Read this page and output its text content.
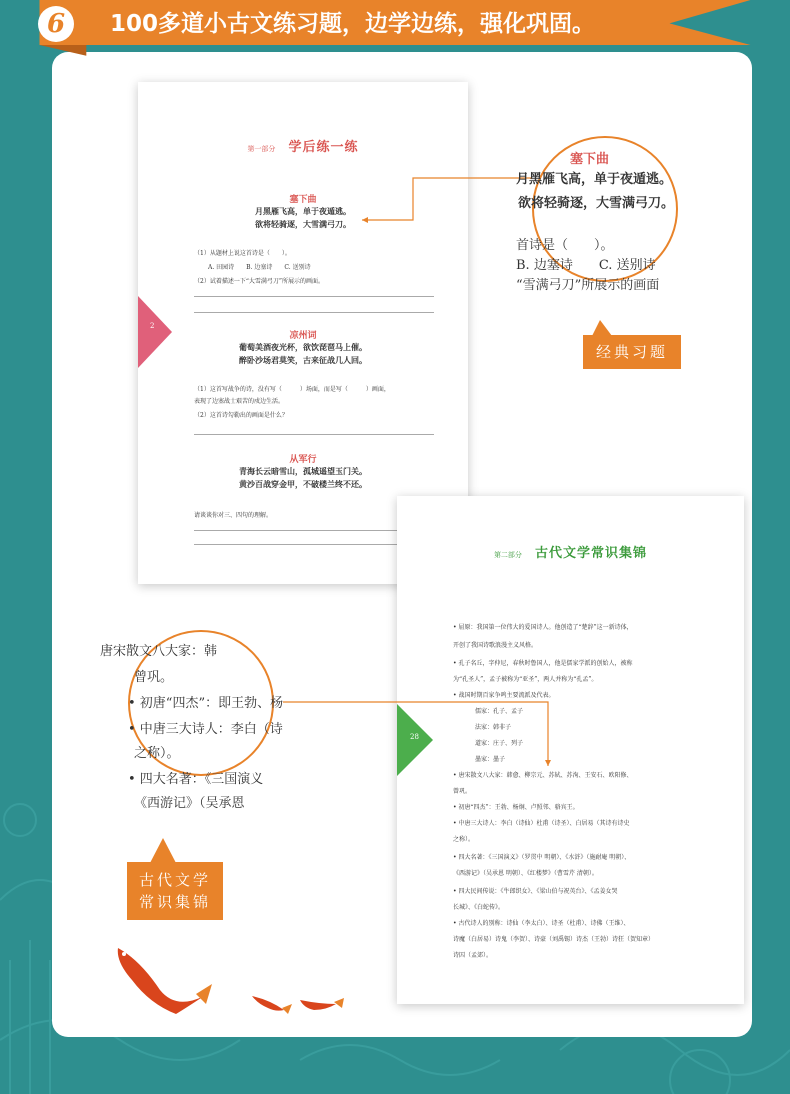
6	100多道小古文练习题，边学边练，强化巩固。
第一部分 学后练一练
塞下曲
月黑雁飞高，单于夜遁逃。
欲将轻骑逐，大雪满弓刀。
（1）从题材上说这首诗是（　　）。
A. 田园诗　　B. 边塞诗　　C. 送别诗
（2）试着描述一下“大雪满弓刀”所展示的画面。
凉州词
葡萄美酒夜光杯，欲饮琵琶马上催。
醉卧沙场君莫笑，古来征战几人回。
（1）这首写战争的诗，没有写（　　　）场面，而是写（　　　）画面，
表现了边塞战士艰苦的戍边生活。
（2）这首诗勾勒出的画面是什么？
从军行
青海长云暗雪山，孤城遥望玉门关。
黄沙百战穿金甲，不破楼兰终不还。
请谈谈你对三、四句的理解。
2
第二部分 古代文学常识集锦
• 屈原：我国第一位伟大的爱国诗人。他创造了“楚辞”这一新诗体，
开创了我国诗歌浪漫主义风格。
• 孔子名丘，字仲尼，春秋时鲁国人，他是儒家学派的创始人，被称
为“孔圣人”，孟子被称为“亚圣”，两人并称为“孔孟”。
• 战国时期百家争鸣主要流派及代表。
儒家：孔子、孟子
法家：韩非子
道家：庄子、列子
墨家：墨子
• 唐宋散文八大家：韩愈、柳宗元、苏轼、苏洵、王安石、欧阳修、
曾巩。
• 初唐“四杰”：王勃、杨炯、卢照邻、骆宾王。
• 中唐三大诗人：李白（诗仙）杜甫（诗圣）、白居易（其诗有诗史
之称）。
• 四大名著：《三国演义》（罗贯中 明朝）、《水浒》（施耐庵 明朝）、
《西游记》（吴承恩 明朝）、《红楼梦》（曹雪芹 清朝）。
• 四大民间传说：《牛郎织女》、《梁山伯与祝英台》、《孟姜女哭
长城》、《白蛇传》。
• 古代诗人的别称：诗仙（李太白）、诗圣（杜甫）、诗佛（王维）、
诗魔（白居易）诗鬼（李贺）、诗豪（刘禹锡）诗杰（王勃）诗狂（贺知章）
诗囚（孟郊）。
28
塞下曲
月黑雁飞高，单于夜遁逃。
欲将轻骑逐，大雪满弓刀。
首诗是（　　）。
B. 边塞诗　　C. 送别诗
“雪满弓刀”所展示的画面
唐宋散文八大家：韩
曾巩。
• 初唐“四杰”：即王勃、杨
• 中唐三大诗人：李白（诗
之称）。
• 四大名著：《三国演义
《西游记》（吴承恩
经典习题
古代文学
常识集锦
